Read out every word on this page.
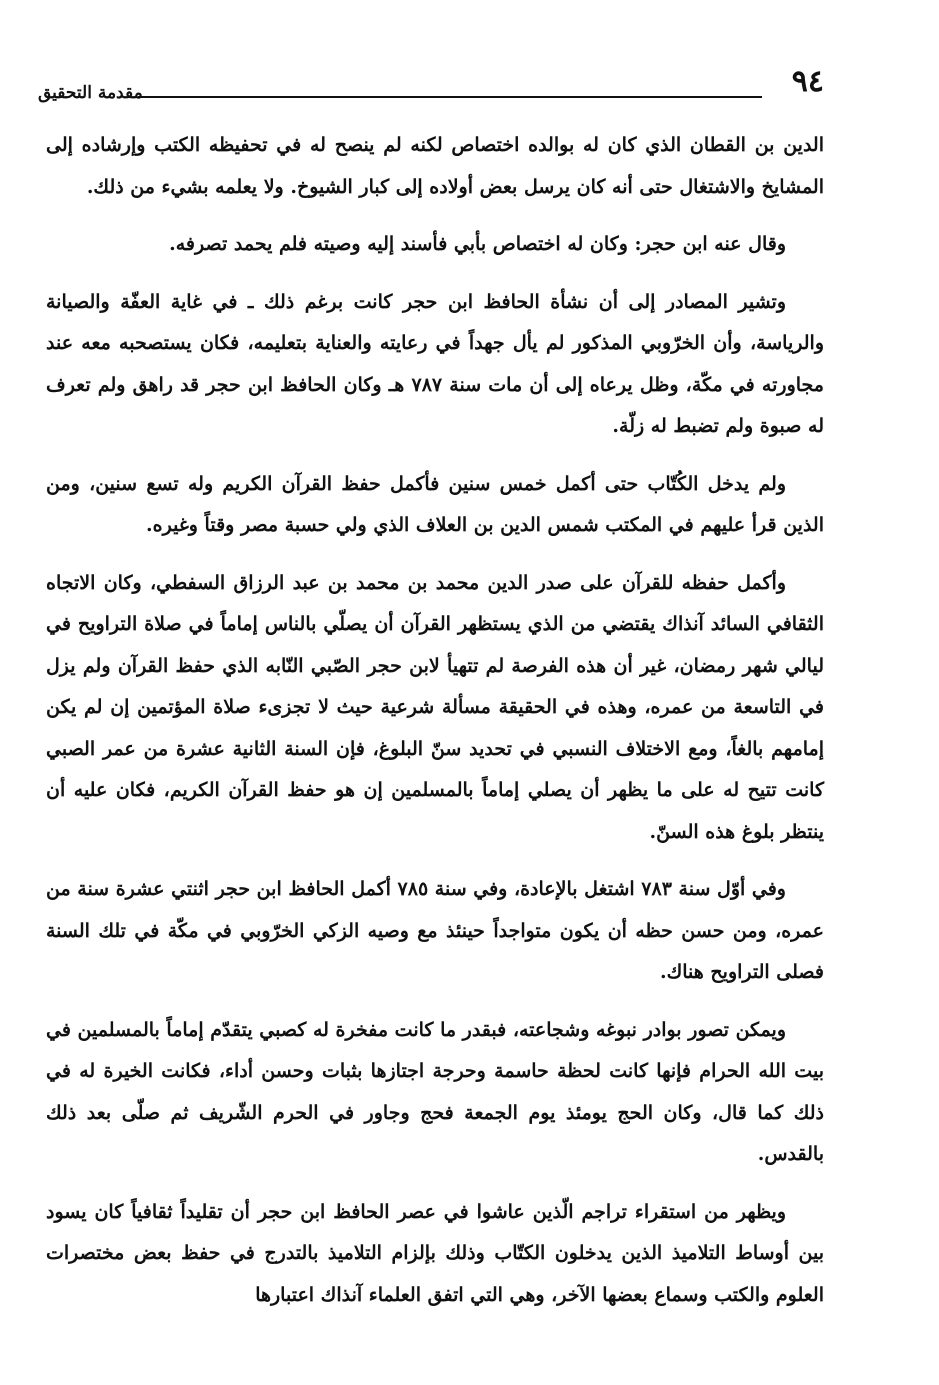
٩٤
مقدمة التحقيق

الدين بن القطان الذي كان له بوالده اختصاص لكنه لم ينصح له في تحفيظه الكتب وإرشاده إلى المشايخ والاشتغال حتى أنه كان يرسل بعض أولاده إلى كبار الشيوخ. ولا يعلمه بشيء من ذلك.

وقال عنه ابن حجر: وكان له اختصاص بأبي فأسند إليه وصيته فلم يحمد تصرفه.

وتشير المصادر إلى أن نشأة الحافظ ابن حجر كانت برغم ذلك ـ في غاية العفّة والصيانة والرياسة، وأن الخرّوبي المذكور لم يأل جهداً في رعايته والعناية بتعليمه، فكان يستصحبه معه عند مجاورته في مكّة، وظل يرعاه إلى أن مات سنة ٧٨٧ هـ وكان الحافظ ابن حجر قد راهق ولم تعرف له صبوة ولم تضبط له زلّة.

ولم يدخل الكُتّاب حتى أكمل خمس سنين فأكمل حفظ القرآن الكريم وله تسع سنين، ومن الذين قرأ عليهم في المكتب شمس الدين بن العلاف الذي ولي حسبة مصر وقتاً وغيره.

وأكمل حفظه للقرآن على صدر الدين محمد بن محمد بن عبد الرزاق السفطي، وكان الاتجاه الثقافي السائد آنذاك يقتضي من الذي يستظهر القرآن أن يصلّي بالناس إماماً في صلاة التراويح في ليالي شهر رمضان، غير أن هذه الفرصة لم تتهيأ لابن حجر الصّبي النّابه الذي حفظ القرآن ولم يزل في التاسعة من عمره، وهذه في الحقيقة مسألة شرعية حيث لا تجزىء صلاة المؤتمين إن لم يكن إمامهم بالغاً، ومع الاختلاف النسبي في تحديد سنّ البلوغ، فإن السنة الثانية عشرة من عمر الصبي كانت تتيح له على ما يظهر أن يصلي إماماً بالمسلمين إن هو حفظ القرآن الكريم، فكان عليه أن ينتظر بلوغ هذه السنّ.

وفي أوّل سنة ٧٨٣ اشتغل بالإعادة، وفي سنة ٧٨٥ أكمل الحافظ ابن حجر اثنتي عشرة سنة من عمره، ومن حسن حظه أن يكون متواجداً حينئذ مع وصيه الزكي الخرّوبي في مكّة في تلك السنة فصلى التراويح هناك.

ويمكن تصور بوادر نبوغه وشجاعته، فبقدر ما كانت مفخرة له كصبي يتقدّم إماماً بالمسلمين في بيت الله الحرام فإنها كانت لحظة حاسمة وحرجة اجتازها بثبات وحسن أداء، فكانت الخيرة له في ذلك كما قال، وكان الحج يومئذ يوم الجمعة فحج وجاور في الحرم الشّريف ثم صلّى بعد ذلك بالقدس.

ويظهر من استقراء تراجم الّذين عاشوا في عصر الحافظ ابن حجر أن تقليداً ثقافياً كان يسود بين أوساط التلاميذ الذين يدخلون الكتّاب وذلك بإلزام التلاميذ بالتدرج في حفظ بعض مختصرات العلوم والكتب وسماع بعضها الآخر، وهي التي اتفق العلماء آنذاك اعتبارها
